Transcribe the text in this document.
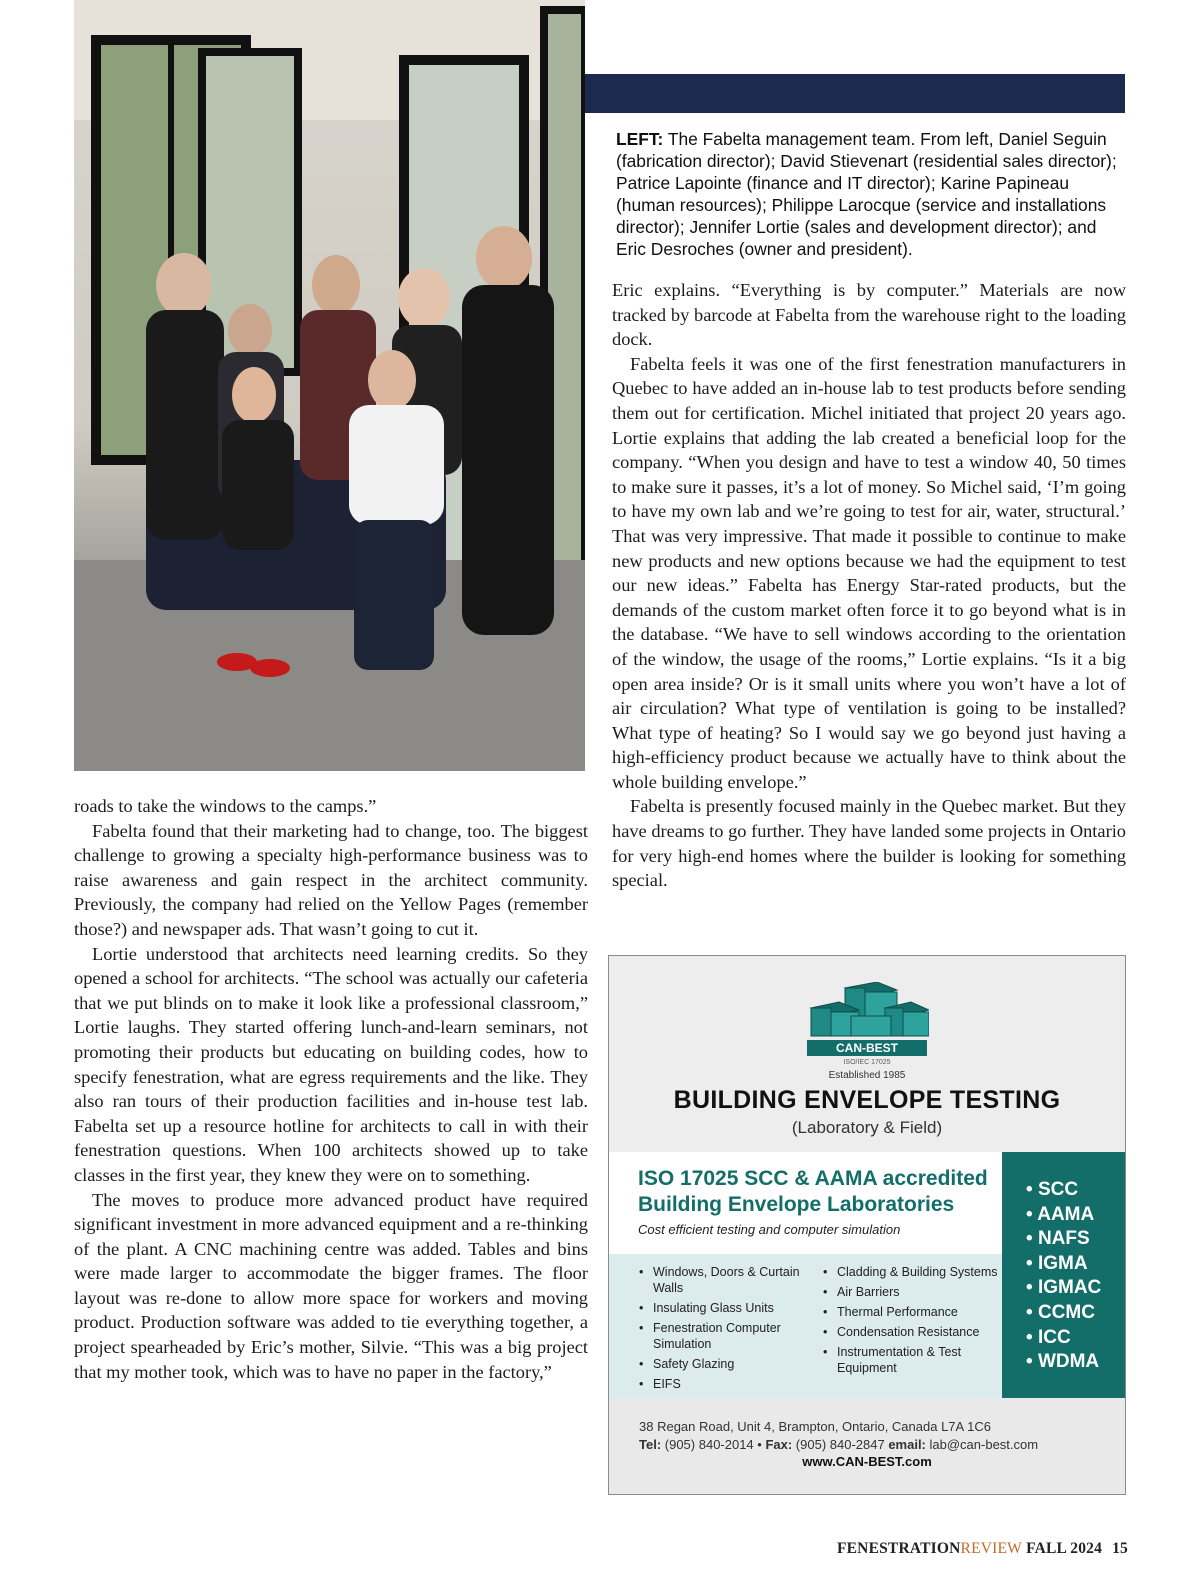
LEFT: The Fabelta management team. From left, Daniel Seguin (fabrication director); David Stievenart (residential sales director); Patrice Lapointe (finance and IT director); Karine Papineau (human resources); Philippe Larocque (service and installations director); Jennifer Lortie (sales and development director); and Eric Desroches (owner and president).

roads to take the windows to the camps.”

Fabelta found that their marketing had to change, too. The biggest challenge to growing a specialty high-performance business was to raise awareness and gain respect in the architect community. Previously, the company had relied on the Yellow Pages (remember those?) and newspaper ads. That wasn’t going to cut it.

Lortie understood that architects need learning credits. So they opened a school for architects. “The school was actually our cafeteria that we put blinds on to make it look like a professional classroom,” Lortie laughs. They started offering lunch-and-learn seminars, not promoting their products but educating on building codes, how to specify fenestration, what are egress requirements and the like. They also ran tours of their production facilities and in-house test lab. Fabelta set up a resource hotline for architects to call in with their fenestration questions. When 100 architects showed up to take classes in the first year, they knew they were on to something.

The moves to produce more advanced product have required significant investment in more advanced equipment and a re-thinking of the plant. A CNC machining centre was added. Tables and bins were made larger to accommodate the bigger frames. The floor layout was re-done to allow more space for workers and moving product. Production software was added to tie everything together, a project spearheaded by Eric’s mother, Silvie. “This was a big project that my mother took, which was to have no paper in the factory,”

Eric explains. “Everything is by computer.” Materials are now tracked by barcode at Fabelta from the warehouse right to the loading dock.

Fabelta feels it was one of the first fenestration manufacturers in Quebec to have added an in-house lab to test products before sending them out for certification. Michel initiated that project 20 years ago. Lortie explains that adding the lab created a beneficial loop for the company. “When you design and have to test a window 40, 50 times to make sure it passes, it’s a lot of money. So Michel said, ‘I’m going to have my own lab and we’re going to test for air, water, structural.’ That was very impressive. That made it possible to continue to make new products and new options because we had the equipment to test our new ideas.” Fabelta has Energy Star-rated products, but the demands of the custom market often force it to go beyond what is in the database. “We have to sell windows according to the orientation of the window, the usage of the rooms,” Lortie explains. “Is it a big open area inside? Or is it small units where you won’t have a lot of air circulation? What type of ventilation is going to be installed? What type of heating? So I would say we go beyond just having a high-efficiency product because we actually have to think about the whole building envelope.”

Fabelta is presently focused mainly in the Quebec market. But they have dreams to go further. They have landed some projects in Ontario for very high-end homes where the builder is looking for something special.

CAN-BEST
ISO/IEC 17025
Established 1985
BUILDING ENVELOPE TESTING
(Laboratory & Field)
ISO 17025 SCC & AAMA accredited Building Envelope Laboratories
Cost efficient testing and computer simulation
• Windows, Doors & Curtain Walls
• Insulating Glass Units
• Fenestration Computer Simulation
• Safety Glazing
• EIFS
• Cladding & Building Systems
• Air Barriers
• Thermal Performance
• Condensation Resistance
• Instrumentation & Test Equipment
• SCC
• AAMA
• NAFS
• IGMA
• IGMAC
• CCMC
• ICC
• WDMA
38 Regan Road, Unit 4, Brampton, Ontario, Canada L7A 1C6
Tel: (905) 840-2014 • Fax: (905) 840-2847 email: lab@can-best.com
www.CAN-BEST.com
FENESTRATIONREVIEW FALL 2024 15
